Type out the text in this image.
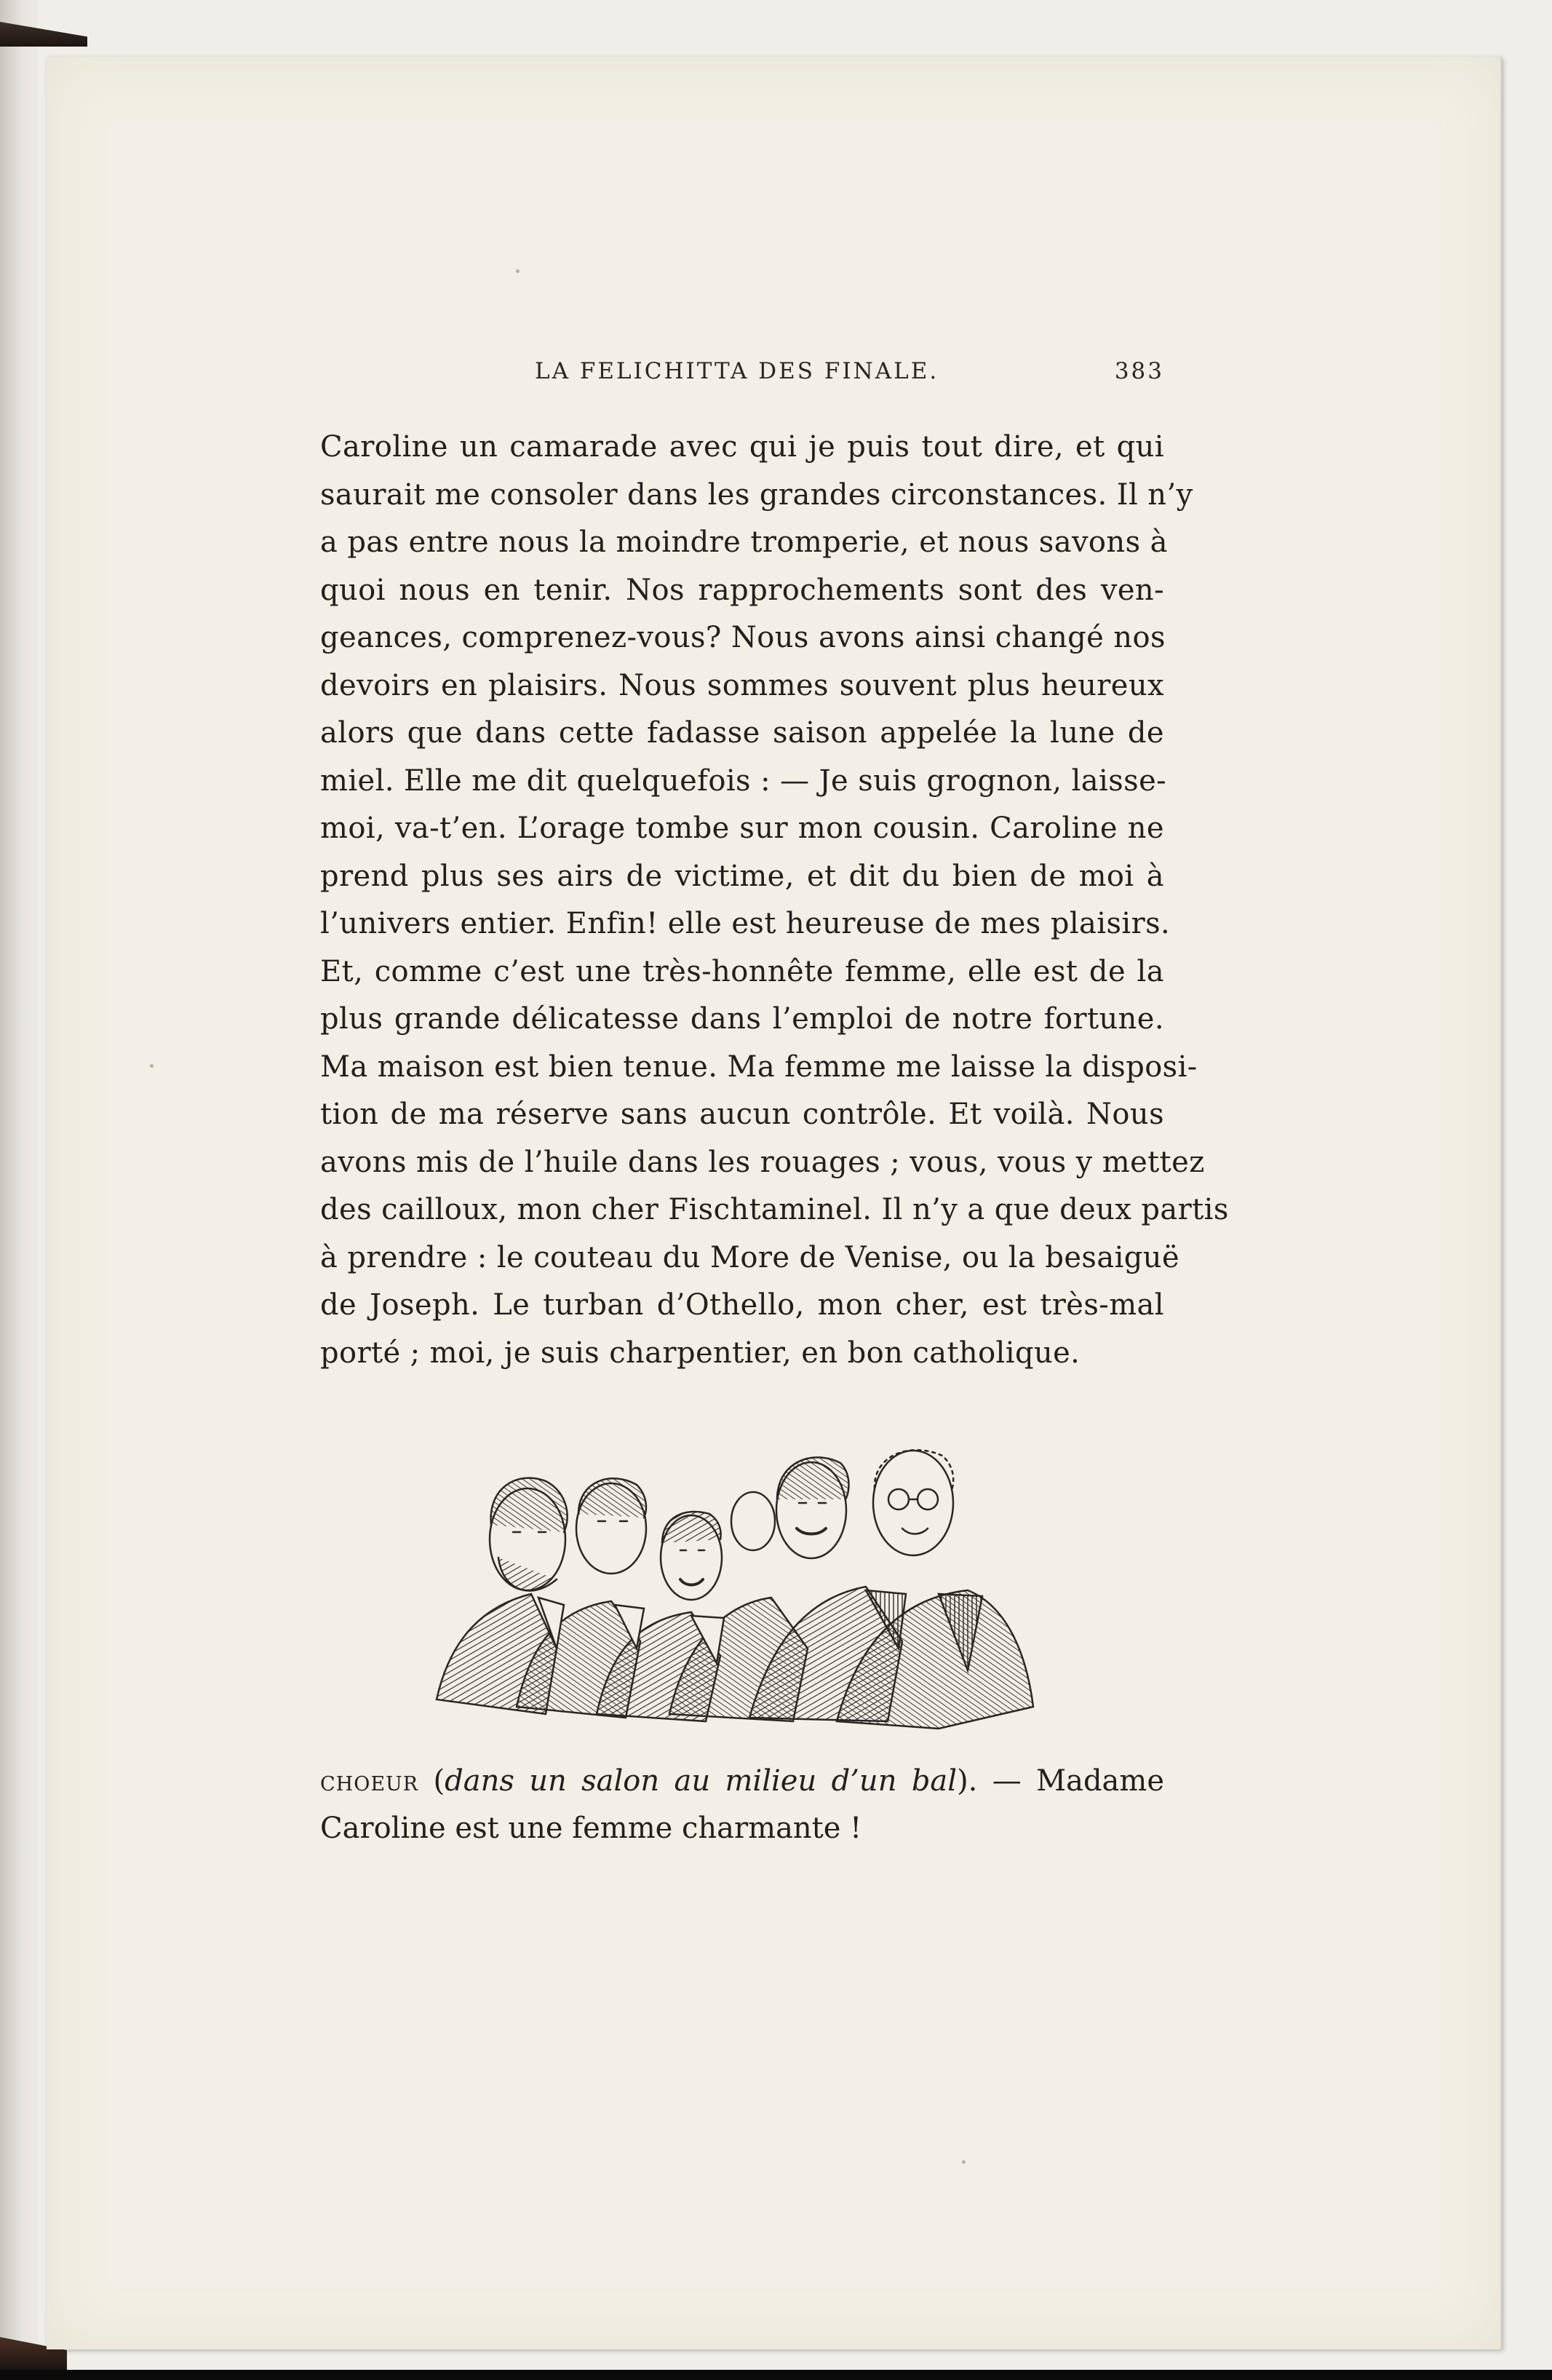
LA FELICHITTA DES FINALE.	383
Caroline un camarade avec qui je puis tout dire, et qui
saurait me consoler dans les grandes circonstances. Il n’y
a pas entre nous la moindre tromperie, et nous savons à
quoi nous en tenir. Nos rapprochements sont des ven-
geances, comprenez-vous? Nous avons ainsi changé nos
devoirs en plaisirs. Nous sommes souvent plus heureux
alors que dans cette fadasse saison appelée la lune de
miel. Elle me dit quelquefois : — Je suis grognon, laisse-
moi, va-t’en. L’orage tombe sur mon cousin. Caroline ne
prend plus ses airs de victime, et dit du bien de moi à
l’univers entier. Enfin! elle est heureuse de mes plaisirs.
Et, comme c’est une très-honnête femme, elle est de la
plus grande délicatesse dans l’emploi de notre fortune.
Ma maison est bien tenue. Ma femme me laisse la disposi-
tion de ma réserve sans aucun contrôle. Et voilà. Nous
avons mis de l’huile dans les rouages ; vous, vous y mettez
des cailloux, mon cher Fischtaminel. Il n’y a que deux partis
à prendre : le couteau du More de Venise, ou la besaiguë
de Joseph. Le turban d’Othello, mon cher, est très-mal
porté ; moi, je suis charpentier, en bon catholique.
CHOEUR (dans un salon au milieu d’un bal). — Madame
Caroline est une femme charmante !
